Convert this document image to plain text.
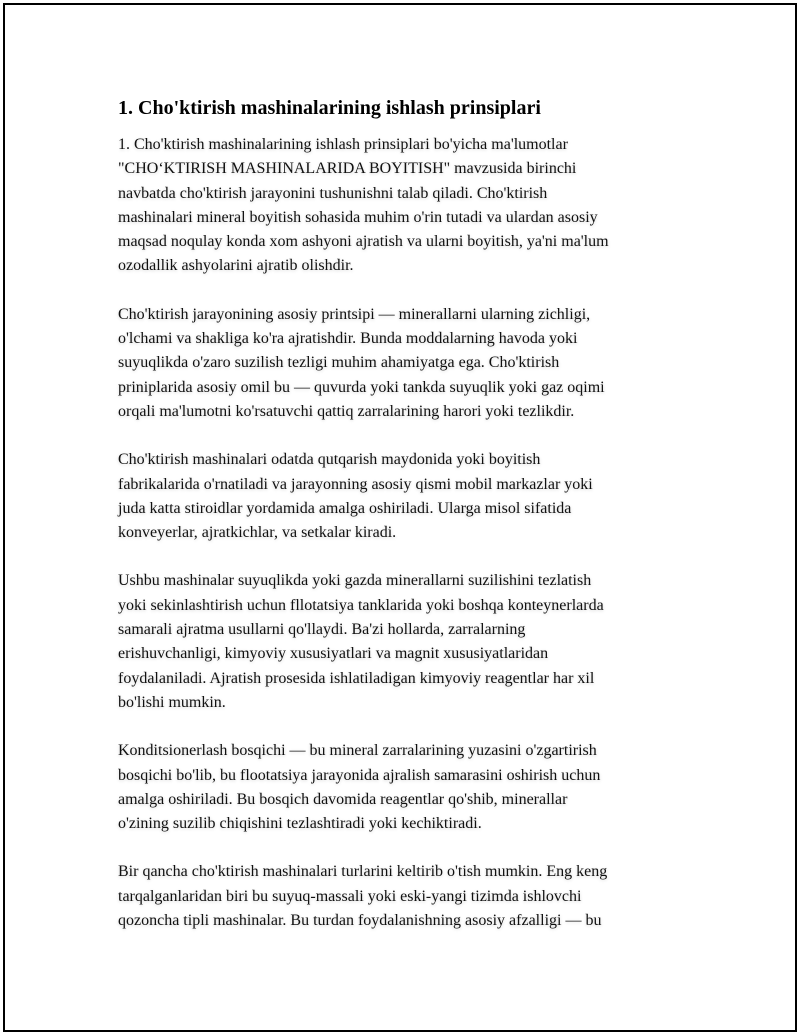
1. Cho'ktirish mashinalarining ishlash prinsiplari

1. Cho'ktirish mashinalarining ishlash prinsiplari bo'yicha ma'lumotlar
"CHO‘KTIRISH MASHINALARIDA BOYITISH" mavzusida birinchi
navbatda cho'ktirish jarayonini tushunishni talab qiladi. Cho'ktirish
mashinalari mineral boyitish sohasida muhim o'rin tutadi va ulardan asosiy
maqsad noqulay konda xom ashyoni ajratish va ularni boyitish, ya'ni ma'lum
ozodallik ashyolarini ajratib olishdir.

Cho'ktirish jarayonining asosiy printsipi — minerallarni ularning zichligi,
o'lchami va shakliga ko'ra ajratishdir. Bunda moddalarning havoda yoki
suyuqlikda o'zaro suzilish tezligi muhim ahamiyatga ega. Cho'ktirish
priniplarida asosiy omil bu — quvurda yoki tankda suyuqlik yoki gaz oqimi
orqali ma'lumotni ko'rsatuvchi qattiq zarralarining harori yoki tezlikdir.

Cho'ktirish mashinalari odatda qutqarish maydonida yoki boyitish
fabrikalarida o'rnatiladi va jarayonning asosiy qismi mobil markazlar yoki
juda katta stiroidlar yordamida amalga oshiriladi. Ularga misol sifatida
konveyerlar, ajratkichlar, va setkalar kiradi.

Ushbu mashinalar suyuqlikda yoki gazda minerallarni suzilishini tezlatish
yoki sekinlashtirish uchun fllotatsiya tanklarida yoki boshqa konteynerlarda
samarali ajratma usullarni qo'llaydi. Ba'zi hollarda, zarralarning
erishuvchanligi, kimyoviy xususiyatlari va magnit xususiyatlaridan
foydalaniladi. Ajratish prosesida ishlatiladigan kimyoviy reagentlar har xil
bo'lishi mumkin.

Konditsionerlash bosqichi — bu mineral zarralarining yuzasini o'zgartirish
bosqichi bo'lib, bu flootatsiya jarayonida ajralish samarasini oshirish uchun
amalga oshiriladi. Bu bosqich davomida reagentlar qo'shib, minerallar
o'zining suzilib chiqishini tezlashtiradi yoki kechiktiradi.

Bir qancha cho'ktirish mashinalari turlarini keltirib o'tish mumkin. Eng keng
tarqalganlaridan biri bu suyuq-massali yoki eski-yangi tizimda ishlovchi
qozoncha tipli mashinalar. Bu turdan foydalanishning asosiy afzalligi — bu
